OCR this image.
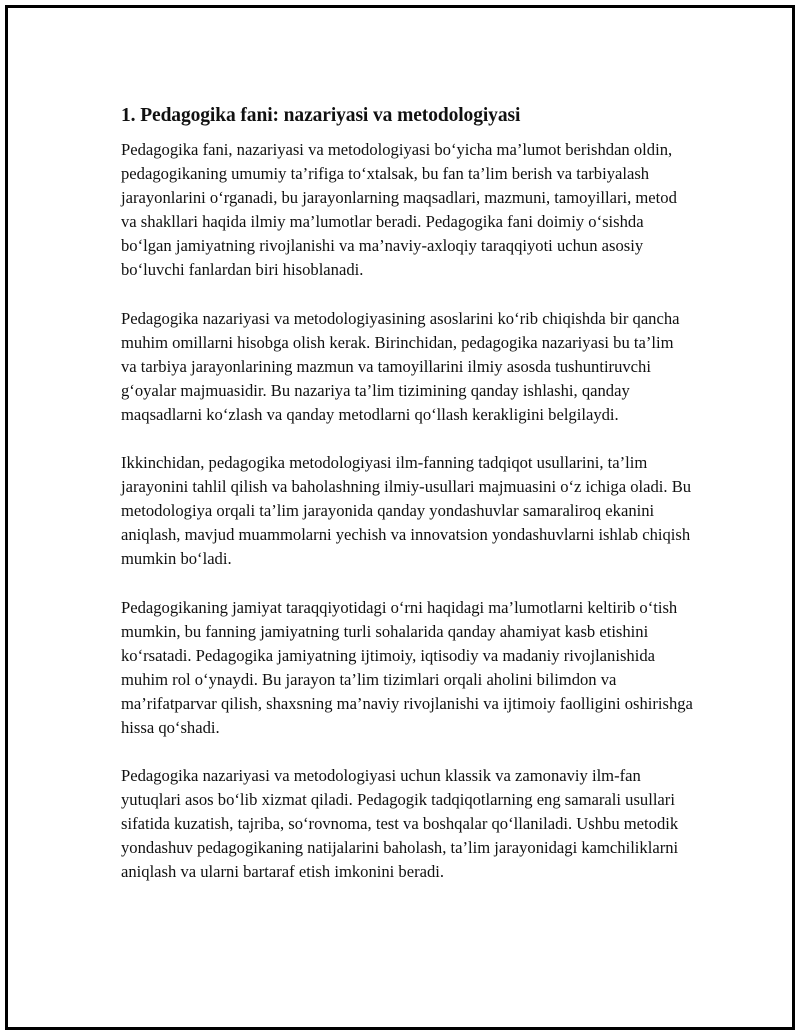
1. Pedagogika fani: nazariyasi va metodologiyasi

Pedagogika fani, nazariyasi va metodologiyasi bo‘yicha ma’lumot berishdan oldin, pedagogikaning umumiy ta’rifiga to‘xtalsak, bu fan ta’lim berish va tarbiyalash jarayonlarini o‘rganadi, bu jarayonlarning maqsadlari, mazmuni, tamoyillari, metod va shakllari haqida ilmiy ma’lumotlar beradi. Pedagogika fani doimiy o‘sishda bo‘lgan jamiyatning rivojlanishi va ma’naviy-axloqiy taraqqiyoti uchun asosiy bo‘luvchi fanlardan biri hisoblanadi.

Pedagogika nazariyasi va metodologiyasining asoslarini ko‘rib chiqishda bir qancha muhim omillarni hisobga olish kerak. Birinchidan, pedagogika nazariyasi bu ta’lim va tarbiya jarayonlarining mazmun va tamoyillarini ilmiy asosda tushuntiruvchi g‘oyalar majmuasidir. Bu nazariya ta’lim tizimining qanday ishlashi, qanday maqsadlarni ko‘zlash va qanday metodlarni qo‘llash kerakligini belgilaydi.

Ikkinchidan, pedagogika metodologiyasi ilm-fanning tadqiqot usullarini, ta’lim jarayonini tahlil qilish va baholashning ilmiy-usullari majmuasini o‘z ichiga oladi. Bu metodologiya orqali ta’lim jarayonida qanday yondashuvlar samaraliroq ekanini aniqlash, mavjud muammolarni yechish va innovatsion yondashuvlarni ishlab chiqish mumkin bo‘ladi.

Pedagogikaning jamiyat taraqqiyotidagi o‘rni haqidagi ma’lumotlarni keltirib o‘tish mumkin, bu fanning jamiyatning turli sohalarida qanday ahamiyat kasb etishini ko‘rsatadi. Pedagogika jamiyatning ijtimoiy, iqtisodiy va madaniy rivojlanishida muhim rol o‘ynaydi. Bu jarayon ta’lim tizimlari orqali aholini bilimdon va ma’rifatparvar qilish, shaxsning ma’naviy rivojlanishi va ijtimoiy faolligini oshirishga hissa qo‘shadi.

Pedagogika nazariyasi va metodologiyasi uchun klassik va zamonaviy ilm-fan yutuqlari asos bo‘lib xizmat qiladi. Pedagogik tadqiqotlarning eng samarali usullari sifatida kuzatish, tajriba, so‘rovnoma, test va boshqalar qo‘llaniladi. Ushbu metodik yondashuv pedagogikaning natijalarini baholash, ta’lim jarayonidagi kamchiliklarni aniqlash va ularni bartaraf etish imkonini beradi.
